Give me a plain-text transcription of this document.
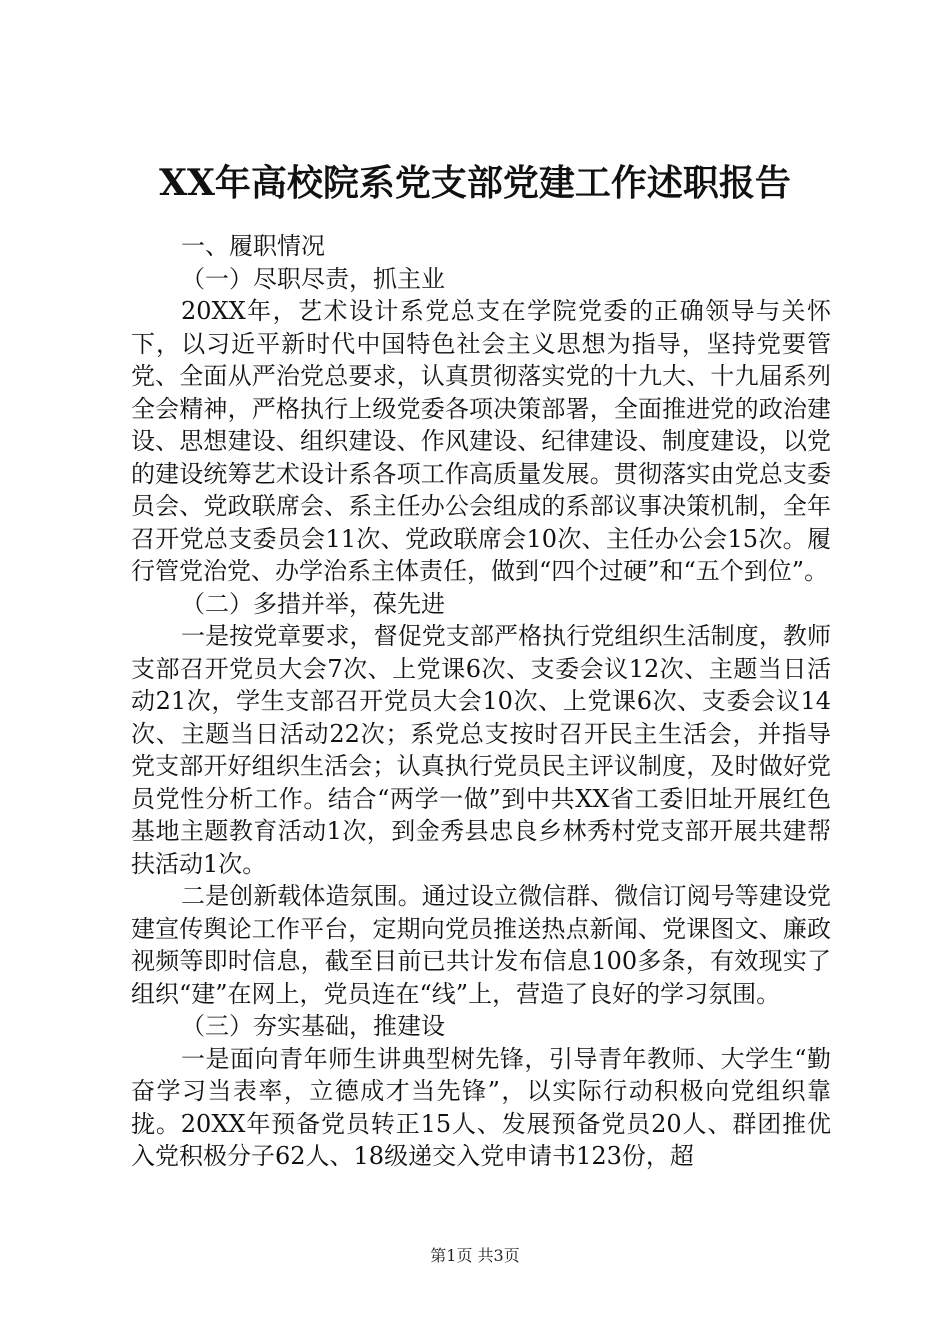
XX年高校院系党支部党建工作述职报告

一、履职情况

（一）尽职尽责，抓主业

20XX年，艺术设计系党总支在学院党委的正确领导与关怀下，以习近平新时代中国特色社会主义思想为指导，坚持党要管党、全面从严治党总要求，认真贯彻落实党的十九大、十九届系列全会精神，严格执行上级党委各项决策部署，全面推进党的政治建设、思想建设、组织建设、作风建设、纪律建设、制度建设，以党的建设统筹艺术设计系各项工作高质量发展。贯彻落实由党总支委员会、党政联席会、系主任办公会组成的系部议事决策机制，全年召开党总支委员会11次、党政联席会10次、主任办公会15次。履行管党治党、办学治系主体责任，做到“四个过硬”和“五个到位”。

（二）多措并举，葆先进

一是按党章要求，督促党支部严格执行党组织生活制度，教师支部召开党员大会7次、上党课6次、支委会议12次、主题当日活动21次，学生支部召开党员大会10次、上党课6次、支委会议14次、主题当日活动22次；系党总支按时召开民主生活会，并指导党支部开好组织生活会；认真执行党员民主评议制度，及时做好党员党性分析工作。结合“两学一做”到中共XX省工委旧址开展红色基地主题教育活动1次，到金秀县忠良乡林秀村党支部开展共建帮扶活动1次。

二是创新载体造氛围。通过设立微信群、微信订阅号等建设党建宣传舆论工作平台，定期向党员推送热点新闻、党课图文、廉政视频等即时信息，截至目前已共计发布信息100多条，有效现实了组织“建”在网上，党员连在“线”上，营造了良好的学习氛围。

（三）夯实基础，推建设

一是面向青年师生讲典型树先锋，引导青年教师、大学生“勤奋学习当表率，立德成才当先锋”，以实际行动积极向党组织靠拢。20XX年预备党员转正15人、发展预备党员20人、群团推优入党积极分子62人、18级递交入党申请书123份，超

第1页 共3页
